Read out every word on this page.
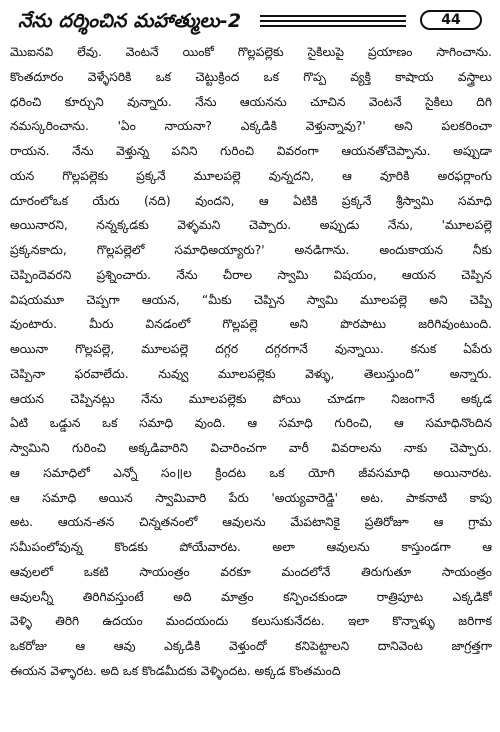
నేను దర్శించిన మహాత్ములు-2	44
మొఐనవి లేవు. వెంటనే యింకో గొల్లపల్లెకు సైకిలుపై ప్రయాణం సాగించాను.
కొంతదూరం వెళ్ళేసరికి ఒక చెట్టుక్రింద ఒక గొప్ప వ్యక్తి కాషాయ వస్త్రాలు
ధరించి కూర్చుని వున్నారు. నేను ఆయనను చూచిన వెంటనే సైకిలు దిగి
నమస్కరించాను. 'ఏం నాయనా? ఎక్కడికి వెళ్తున్నావు?' అని పలకరించా
రాయన. నేను వెళ్తున్న పనిని గురించి వివరంగా ఆయనతోచెప్పాను. అప్పుడా
యన గొల్లపల్లెకు ప్రక్కనే మూలపల్లె వున్నదని, ఆ వూరికి అరఫర్లాంగు
దూరంలోఒక యేరు (నది) వుందని, ఆ ఏటికి ప్రక్కనే శ్రీస్వామి సమాధి
అయినారని, నన్నక్కడకు వెళ్ళమని చెప్పారు. అప్పుడు నేను, 'మూలపల్లె
ప్రక్కనకాదు, గొల్లపల్లెలో సమాధిఅయ్యారు?' అనడిగాను. అందుకాయన నీకు
చెప్పిందెవరని ప్రశ్నించారు. నేను చీరాల స్వామి విషయం, ఆయన చెప్పిన
విషయమూ చెప్పగా ఆయన, “మీకు చెప్పిన స్వామి మూలపల్లె అని చెప్పి
వుంటారు. మీరు వినడంలో గొల్లపల్లె అని పొరపాటు జరిగివుంటుంది.
అయినా గొల్లపల్లె, మూలపల్లె దగ్గర దగ్గరగానే వున్నాయి. కనుక ఏపేరు
చెప్పినా ఫరవాలేదు. నువ్వు మూలపల్లెకు వెళ్ళు, తెలుస్తుంది” అన్నారు.
ఆయన చెప్పినట్లు నేను మూలపల్లెకు పోయి చూడగా నిజంగానే అక్కడ
ఏటి ఒడ్డున ఒక సమాధి వుంది. ఆ సమాధి గురించి, ఆ సమాధినొందిన
స్వామిని గురించి అక్కడివారిని విచారించగా వారీ వివరాలను నాకు చెప్పారు.
ఆ సమాధిలో ఎన్నో సం॥ల క్రిందట ఒక యోగి జీవసమాధి అయినారట.
ఆ సమాధి అయిన స్వామివారి పేరు 'అయ్యవారెడ్డి' అట. పాకనాటి కాపు
అట. ఆయన-తన చిన్నతనంలో ఆవులను మేపటానికై ప్రతిరోజూ ఆ గ్రామ
సమీపంలోవున్న కొండకు పోయేవారట. అలా ఆవులను కాస్తుండగా ఆ
ఆవులలో ఒకటి సాయంత్రం వరకూ మందలోనే తిరుగుతూ సాయంత్రం
ఆవులన్నీ తిరిగివస్తుంటే అది మాత్రం కన్పించకుండా రాత్రిపూట ఎక్కడికో
వెళ్ళి తిరిగి ఉదయం మందయందు కలుసుకునేదట. ఇలా కొన్నాళ్ళు జరిగాక
ఒకరోజు ఆ ఆవు ఎక్కడికి వెళ్తుందో కనిపెట్టాలని దానివెంట జాగ్రత్తగా
ఈయన వెళ్ళారట. అది ఒక కొండమీదకు వెళ్ళిందట. అక్కడ కొంతమంది
